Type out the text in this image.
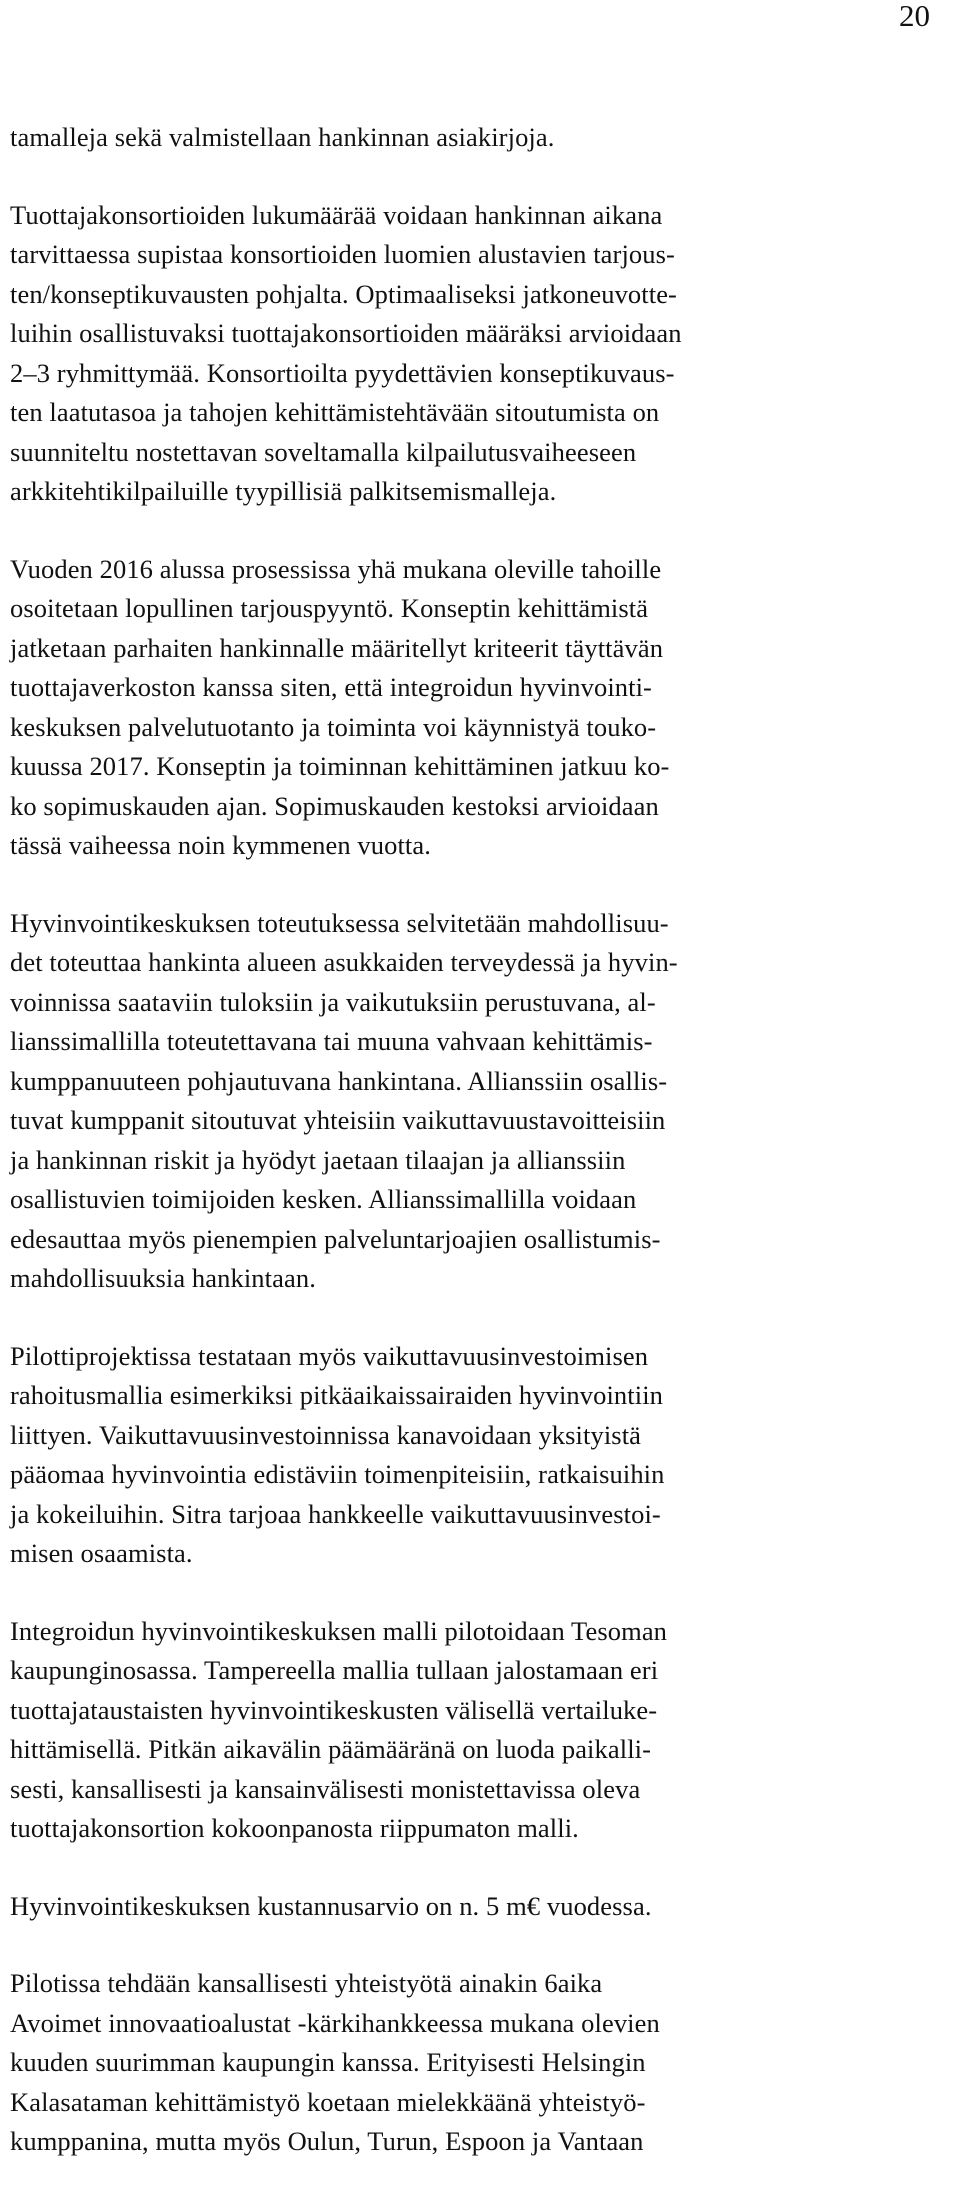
20

tamalleja sekä valmistellaan hankinnan asiakirjoja.

Tuottajakonsortioiden lukumäärää voidaan hankinnan aikana
tarvittaessa supistaa konsortioiden luomien alustavien tarjous-
ten/konseptikuvausten pohjalta. Optimaaliseksi jatkoneuvotte-
luihin osallistuvaksi tuottajakonsortioiden määräksi arvioidaan
2–3 ryhmittymää. Konsortioilta pyydettävien konseptikuvaus-
ten laatutasoa ja tahojen kehittämistehtävään sitoutumista on
suunniteltu nostettavan soveltamalla kilpailutusvaiheeseen
arkkitehtikilpailuille tyypillisiä palkitsemismalleja.

Vuoden 2016 alussa prosessissa yhä mukana oleville tahoille
osoitetaan lopullinen tarjouspyyntö. Konseptin kehittämistä
jatketaan parhaiten hankinnalle määritellyt kriteerit täyttävän
tuottajaverkoston kanssa siten, että integroidun hyvinvointi-
keskuksen palvelutuotanto ja toiminta voi käynnistyä touko-
kuussa 2017. Konseptin ja toiminnan kehittäminen jatkuu ko-
ko sopimuskauden ajan. Sopimuskauden kestoksi arvioidaan
tässä vaiheessa noin kymmenen vuotta.

Hyvinvointikeskuksen toteutuksessa selvitetään mahdollisuu-
det toteuttaa hankinta alueen asukkaiden terveydessä ja hyvin-
voinnissa saataviin tuloksiin ja vaikutuksiin perustuvana, al-
lianssimallilla toteutettavana tai muuna vahvaan kehittämis-
kumppanuuteen pohjautuvana hankintana. Allianssiin osallis-
tuvat kumppanit sitoutuvat yhteisiin vaikuttavuustavoitteisiin
ja hankinnan riskit ja hyödyt jaetaan tilaajan ja allianssiin
osallistuvien toimijoiden kesken. Allianssimallilla voidaan
edesauttaa myös pienempien palveluntarjoajien osallistumis-
mahdollisuuksia hankintaan.

Pilottiprojektissa testataan myös vaikuttavuusinvestoimisen
rahoitusmallia esimerkiksi pitkäaikaissairaiden hyvinvointiin
liittyen. Vaikuttavuusinvestoinnissa kanavoidaan yksityistä
pääomaa hyvinvointia edistäviin toimenpiteisiin, ratkaisuihin
ja kokeiluihin. Sitra tarjoaa hankkeelle vaikuttavuusinvestoi-
misen osaamista.

Integroidun hyvinvointikeskuksen malli pilotoidaan Tesoman
kaupunginosassa. Tampereella mallia tullaan jalostamaan eri
tuottajataustaisten hyvinvointikeskusten välisellä vertailuke-
hittämisellä. Pitkän aikavälin päämääränä on luoda paikalli-
sesti, kansallisesti ja kansainvälisesti monistettavissa oleva
tuottajakonsortion kokoonpanosta riippumaton malli.

Hyvinvointikeskuksen kustannusarvio on n. 5 m€ vuodessa.

Pilotissa tehdään kansallisesti yhteistyötä ainakin 6aika
Avoimet innovaatioalustat -kärkihankkeessa mukana olevien
kuuden suurimman kaupungin kanssa. Erityisesti Helsingin
Kalasataman kehittämistyö koetaan mielekkäänä yhteistyö-
kumppanina, mutta myös Oulun, Turun, Espoon ja Vantaan
